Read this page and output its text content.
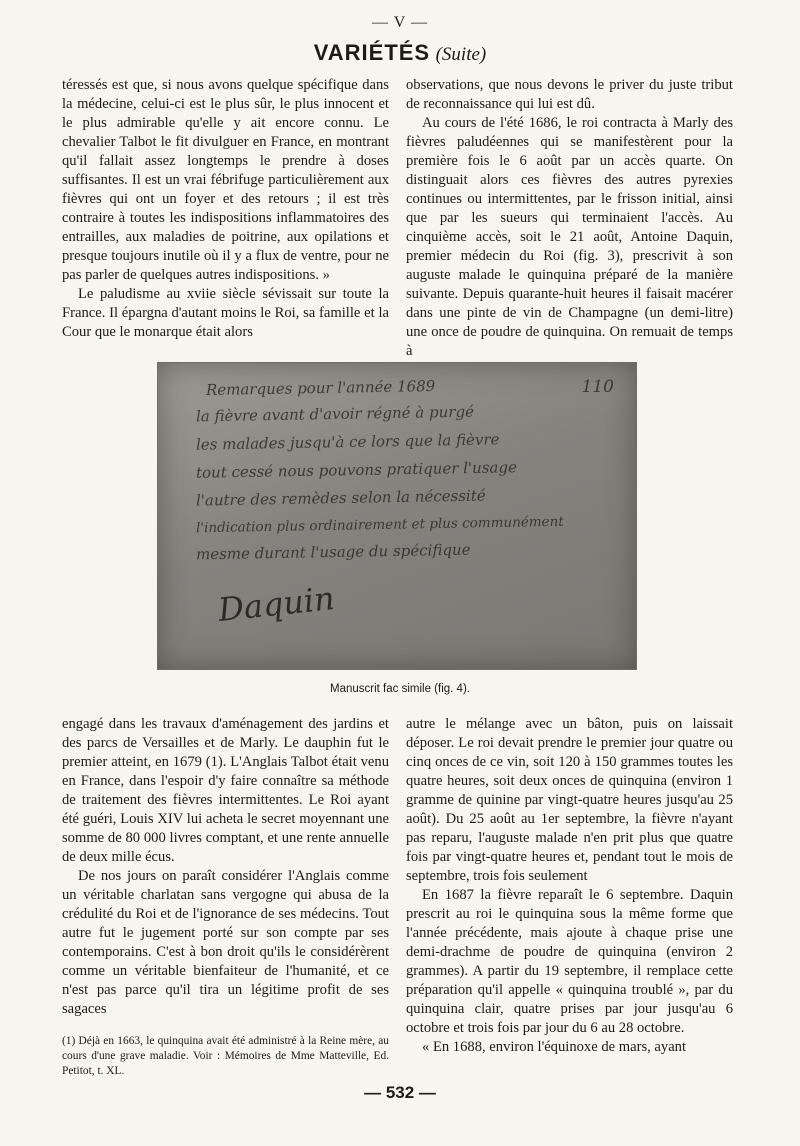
— V —
VARIÉTÉS (Suite)

téressés est que, si nous avons quelque spécifique dans la médecine, celui-ci est le plus sûr, le plus innocent et le plus admirable qu'elle y ait encore connu. Le chevalier Talbot le fit divulguer en France, en montrant qu'il fallait assez longtemps le prendre à doses suffisantes. Il est un vrai fébrifuge particulièrement aux fièvres qui ont un foyer et des retours ; il est très contraire à toutes les indispositions inflammatoires des entrailles, aux maladies de poitrine, aux opilations et presque toujours inutile où il y a flux de ventre, pour ne pas parler de quelques autres indispositions. »

Le paludisme au xviie siècle sévissait sur toute la France. Il épargna d'autant moins le Roi, sa famille et la Cour que le monarque était alors

observations, que nous devons le priver du juste tribut de reconnaissance qui lui est dû.

Au cours de l'été 1686, le roi contracta à Marly des fièvres paludéennes qui se manifestèrent pour la première fois le 6 août par un accès quarte. On distinguait alors ces fièvres des autres pyrexies continues ou intermittentes, par le frisson initial, ainsi que par les sueurs qui terminaient l'accès. Au cinquième accès, soit le 21 août, Antoine Daquin, premier médecin du Roi (fig. 3), prescrivit à son auguste malade le quinquina préparé de la manière suivante. Depuis quarante-huit heures il faisait macérer dans une pinte de vin de Champagne (un demi-litre) une once de poudre de quinquina. On remuait de temps à

110
Remarques pour l'année 1689
la fièvre avant d'avoir régné à purgé
les malades jusqu'à ce lors que la fièvre
tout cessé nous pouvons pratiquer l'usage
l'autre des remèdes selon la nécessité
l'indication plus ordinairement et plus communément
mesme durant l'usage du spécifique
Daquin
Manuscrit fac simile (fig. 4).

engagé dans les travaux d'aménagement des jardins et des parcs de Versailles et de Marly. Le dauphin fut le premier atteint, en 1679 (1). L'Anglais Talbot était venu en France, dans l'espoir d'y faire connaître sa méthode de traitement des fièvres intermittentes. Le Roi ayant été guéri, Louis XIV lui acheta le secret moyennant une somme de 80 000 livres comptant, et une rente annuelle de deux mille écus.

De nos jours on paraît considérer l'Anglais comme un véritable charlatan sans vergogne qui abusa de la crédulité du Roi et de l'ignorance de ses médecins. Tout autre fut le jugement porté sur son compte par ses contemporains. C'est à bon droit qu'ils le considérèrent comme un véritable bienfaiteur de l'humanité, et ce n'est pas parce qu'il tira un légitime profit de ses sagaces

autre le mélange avec un bâton, puis on laissait déposer. Le roi devait prendre le premier jour quatre ou cinq onces de ce vin, soit 120 à 150 grammes toutes les quatre heures, soit deux onces de quinquina (environ 1 gramme de quinine par vingt-quatre heures jusqu'au 25 août). Du 25 août au 1er septembre, la fièvre n'ayant pas reparu, l'auguste malade n'en prit plus que quatre fois par vingt-quatre heures et, pendant tout le mois de septembre, trois fois seulement

En 1687 la fièvre reparaît le 6 septembre. Daquin prescrit au roi le quinquina sous la même forme que l'année précédente, mais ajoute à chaque prise une demi-drachme de poudre de quinquina (environ 2 grammes). A partir du 19 septembre, il remplace cette préparation qu'il appelle « quinquina troublé », par du quinquina clair, quatre prises par jour jusqu'au 6 octobre et trois fois par jour du 6 au 28 octobre.

« En 1688, environ l'équinoxe de mars, ayant

(1) Déjà en 1663, le quinquina avait été administré à la Reine mère, au cours d'une grave maladie. Voir : Mémoires de Mme Matteville, Ed. Petitot, t. XL.
— 532 —
